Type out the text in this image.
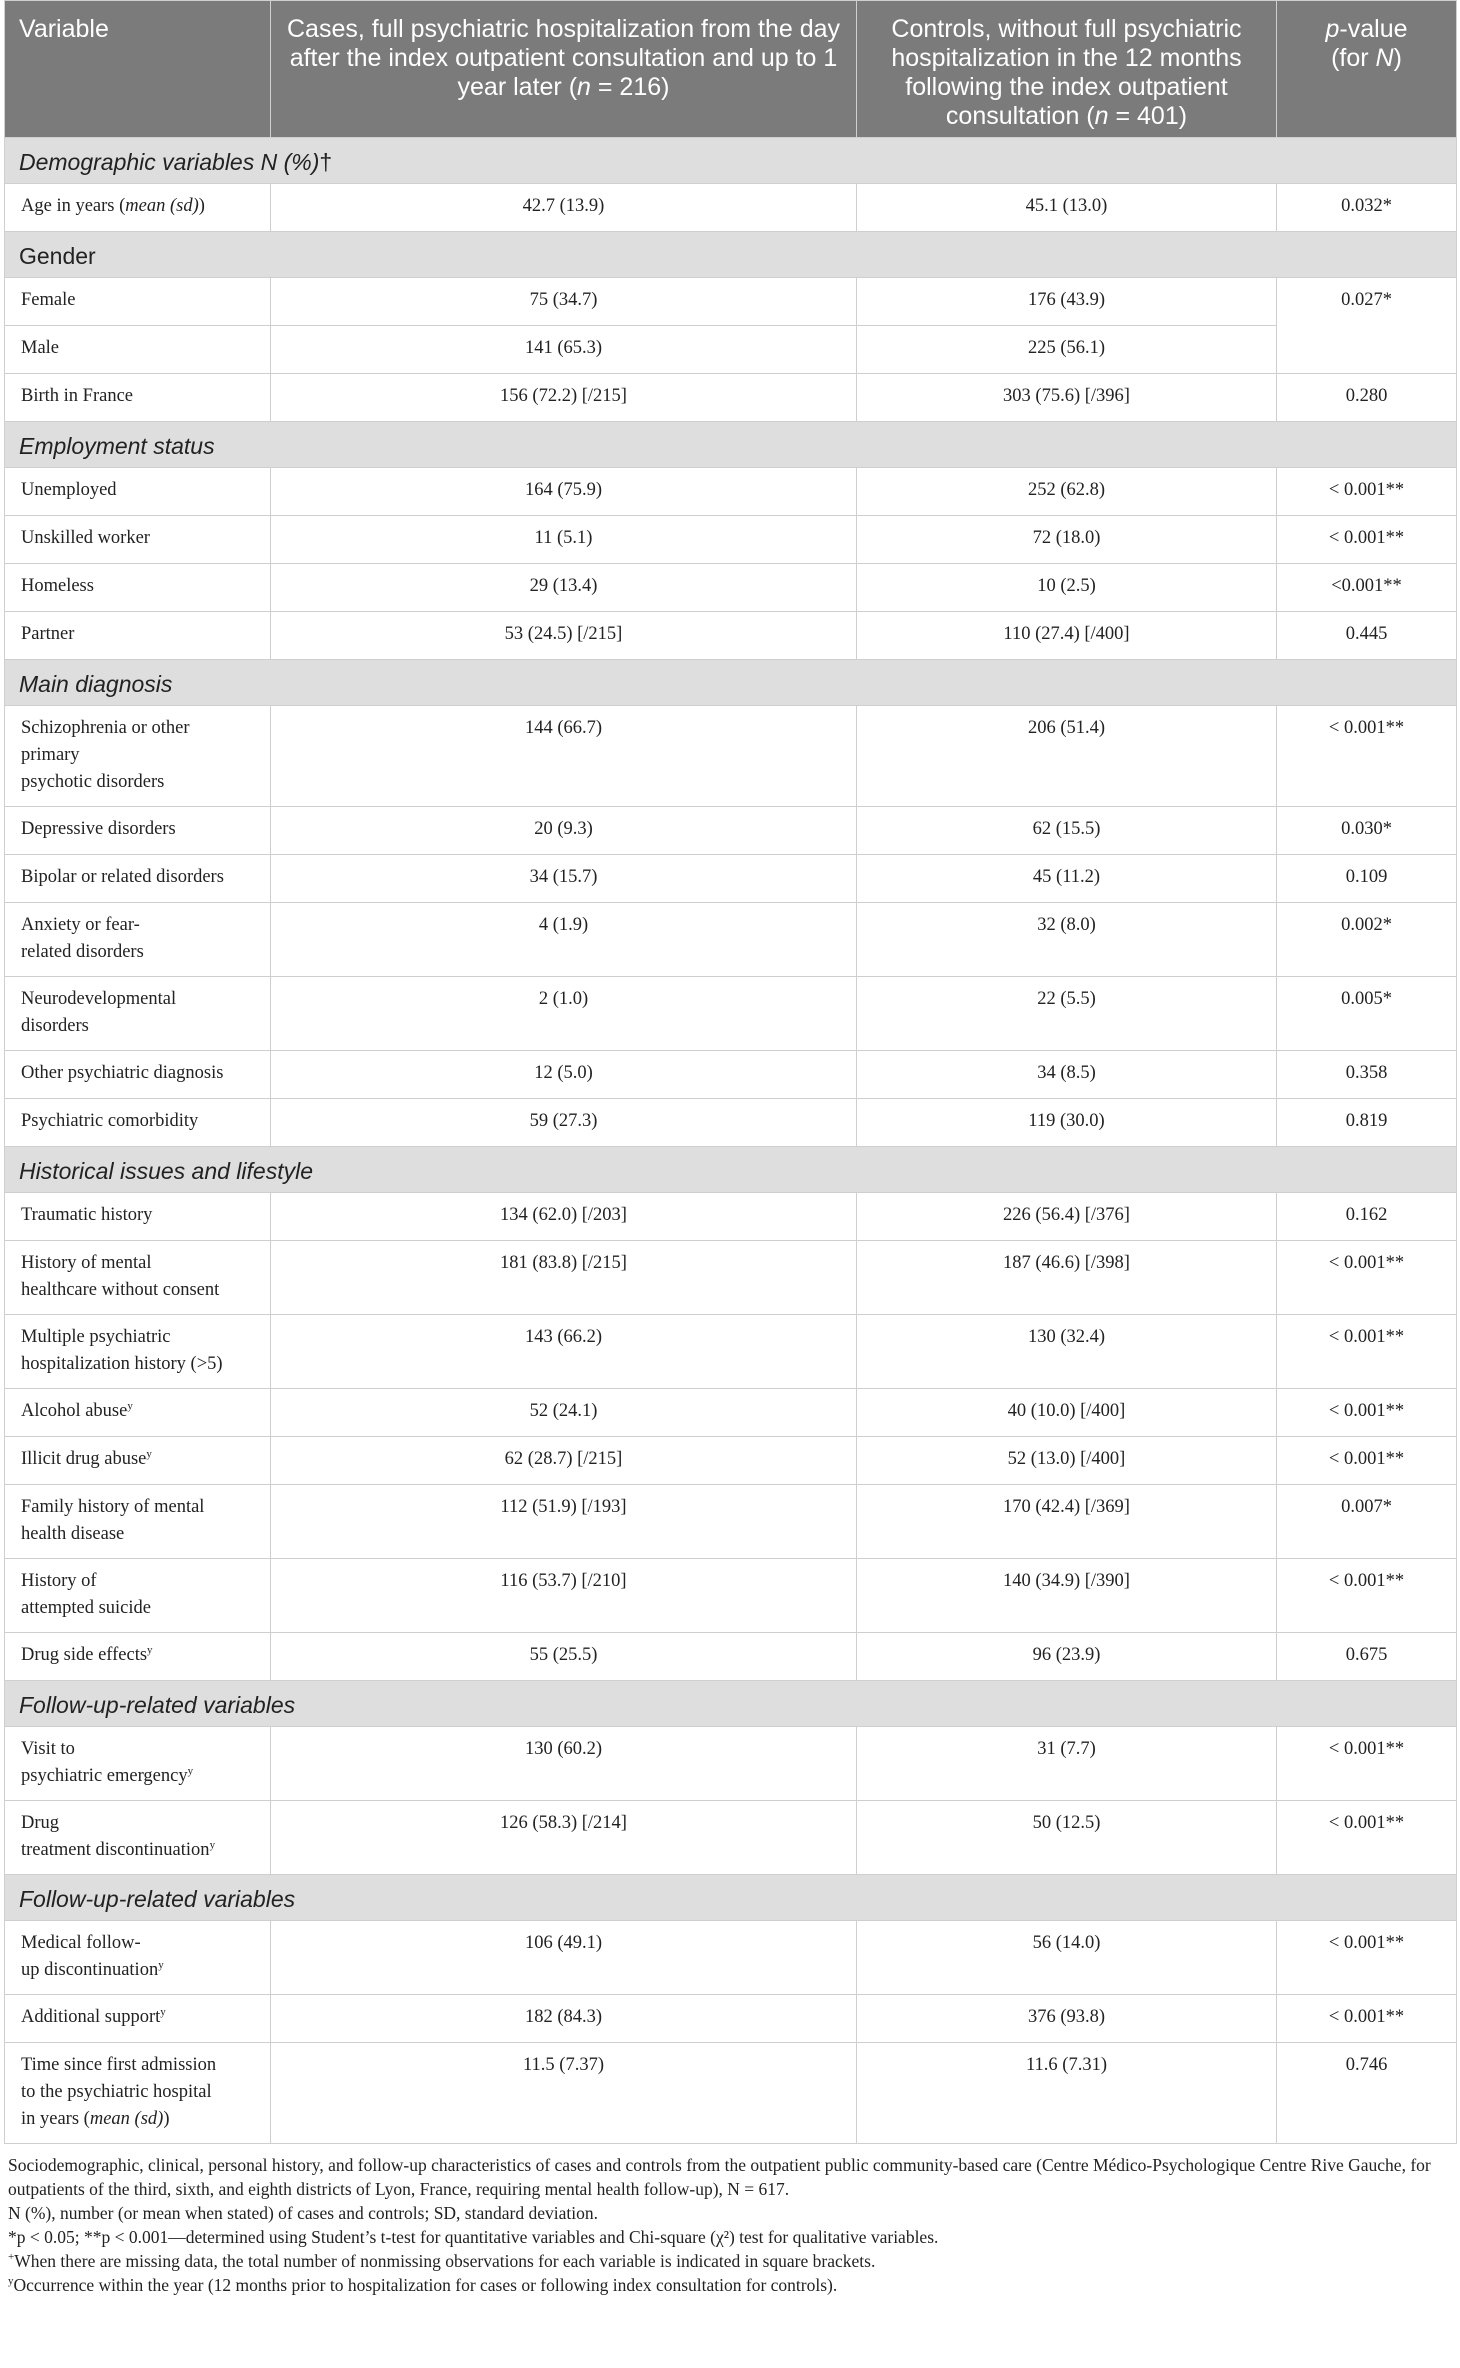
Variable	Cases, full psychiatric hospitalization from the day after the index outpatient consultation and up to 1 year later (n = 216)	Controls, without full psychiatric hospitalization in the 12 months following the index outpatient consultation (n = 401)	p-value
(for N)
Demographic variables N (%)†			
Age in years (mean (sd))	42.7 (13.9)	45.1 (13.0)	0.032*
Gender			
Female	75 (34.7)	176 (43.9)	0.027*
Male	141 (65.3)	225 (56.1)	
Birth in France	156 (72.2) [/215]	303 (75.6) [/396]	0.280
Employment status			
Unemployed	164 (75.9)	252 (62.8)	< 0.001**
Unskilled worker	11 (5.1)	72 (18.0)	< 0.001**
Homeless	29 (13.4)	10 (2.5)	<0.001**
Partner	53 (24.5) [/215]	110 (27.4) [/400]	0.445
Main diagnosis			
Schizophrenia or other
primary
psychotic disorders	144 (66.7)	206 (51.4)	< 0.001**
Depressive disorders	20 (9.3)	62 (15.5)	0.030*
Bipolar or related disorders	34 (15.7)	45 (11.2)	0.109
Anxiety or fear-
related disorders	4 (1.9)	32 (8.0)	0.002*
Neurodevelopmental
disorders	2 (1.0)	22 (5.5)	0.005*
Other psychiatric diagnosis	12 (5.0)	34 (8.5)	0.358
Psychiatric comorbidity	59 (27.3)	119 (30.0)	0.819
Historical issues and lifestyle			
Traumatic history	134 (62.0) [/203]	226 (56.4) [/376]	0.162
History of mental
healthcare without consent	181 (83.8) [/215]	187 (46.6) [/398]	< 0.001**
Multiple psychiatric
hospitalization history (>5)	143 (66.2)	130 (32.4)	< 0.001**
Alcohol abuse$^y$	52 (24.1)	40 (10.0) [/400]	< 0.001**
Illicit drug abuse$^y$	62 (28.7) [/215]	52 (13.0) [/400]	< 0.001**
Family history of mental
health disease	112 (51.9) [/193]	170 (42.4) [/369]	0.007*
History of
attempted suicide	116 (53.7) [/210]	140 (34.9) [/390]	< 0.001**
Drug side effects$^y$	55 (25.5)	96 (23.9)	0.675
Follow-up-related variables			
Visit to
psychiatric emergency$^y$	130 (60.2)	31 (7.7)	< 0.001**
Drug
treatment discontinuation$^y$	126 (58.3) [/214]	50 (12.5)	< 0.001**
Follow-up-related variables			
Medical follow-
up discontinuation$^y$	106 (49.1)	56 (14.0)	< 0.001**
Additional support$^y$	182 (84.3)	376 (93.8)	< 0.001**
Time since first admission
to the psychiatric hospital
in years (mean (sd))	11.5 (7.37)	11.6 (7.31)	0.746
Sociodemographic, clinical, personal history, and follow-up characteristics of cases and controls from the outpatient public community-based care (Centre Médico-Psychologique Centre Rive Gauche, for outpatients of the third, sixth, and eighth districts of Lyon, France, requiring mental health follow-up), N = 617.
N (%), number (or mean when stated) of cases and controls; SD, standard deviation.
*p < 0.05; **p < 0.001—determined using Student’s t-test for quantitative variables and Chi-square (χ²) test for qualitative variables.
+When there are missing data, the total number of nonmissing observations for each variable is indicated in square brackets.
$^y$Occurrence within the year (12 months prior to hospitalization for cases or following index consultation for controls).
